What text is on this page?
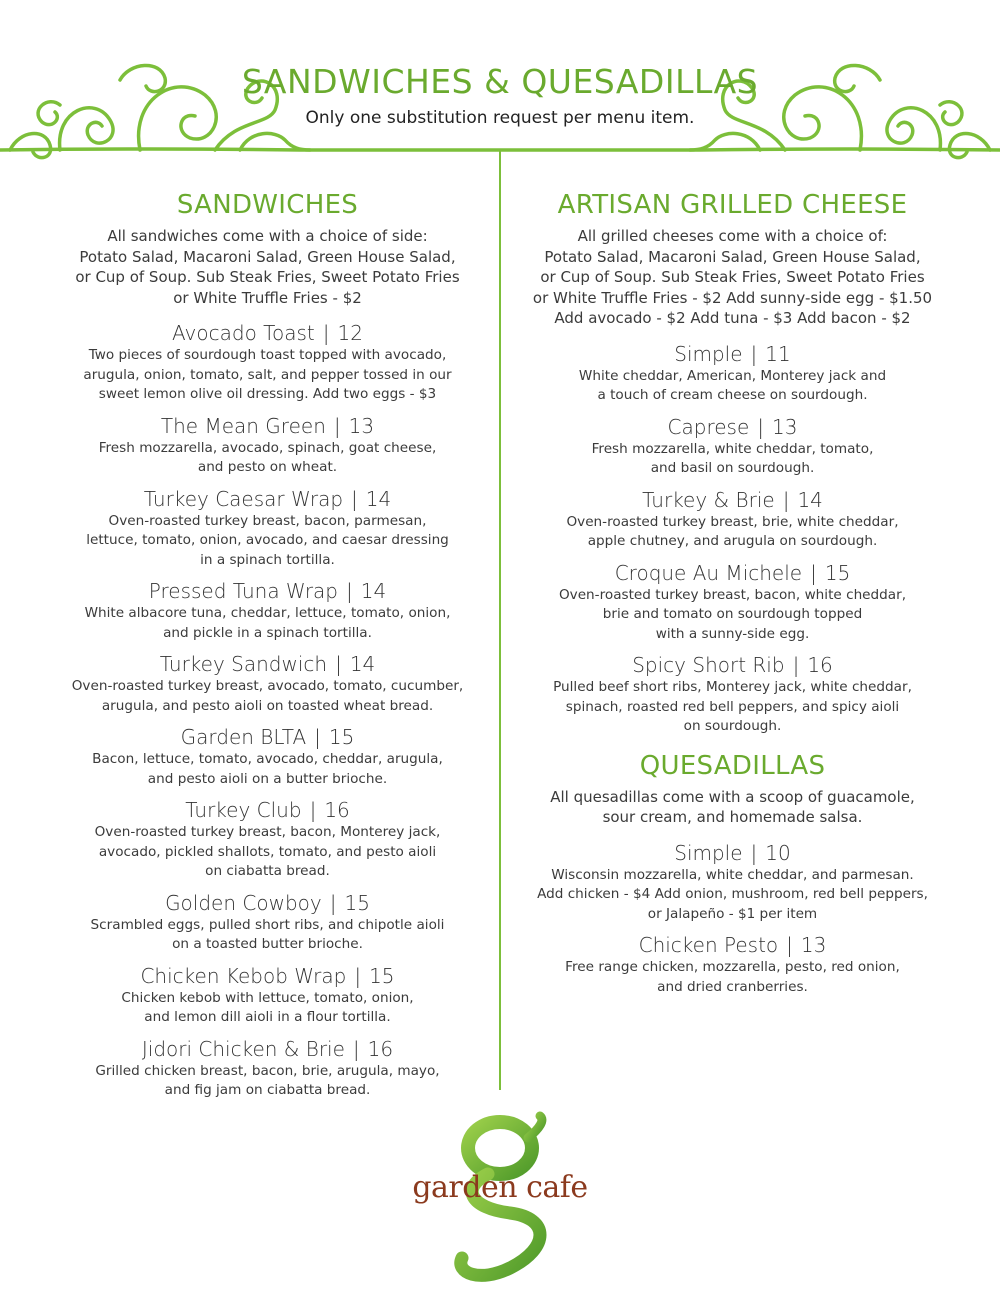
SANDWICHES & QUESADILLAS
Only one substitution request per menu item.
SANDWICHES
All sandwiches come with a choice of side:
Potato Salad, Macaroni Salad, Green House Salad,
or Cup of Soup. Sub Steak Fries, Sweet Potato Fries
or White Truffle Fries - $2
Avocado Toast | 12
Two pieces of sourdough toast topped with avocado,
arugula, onion, tomato, salt, and pepper tossed in our
sweet lemon olive oil dressing. Add two eggs - $3
The Mean Green | 13
Fresh mozzarella, avocado, spinach, goat cheese,
and pesto on wheat.
Turkey Caesar Wrap | 14
Oven-roasted turkey breast, bacon, parmesan,
lettuce, tomato, onion, avocado, and caesar dressing
in a spinach tortilla.
Pressed Tuna Wrap | 14
White albacore tuna, cheddar, lettuce, tomato, onion,
and pickle in a spinach tortilla.
Turkey Sandwich | 14
Oven-roasted turkey breast, avocado, tomato, cucumber,
arugula, and pesto aioli on toasted wheat bread.
Garden BLTA | 15
Bacon, lettuce, tomato, avocado, cheddar, arugula,
and pesto aioli on a butter brioche.
Turkey Club | 16
Oven-roasted turkey breast, bacon, Monterey jack,
avocado, pickled shallots, tomato, and pesto aioli
on ciabatta bread.
Golden Cowboy | 15
Scrambled eggs, pulled short ribs, and chipotle aioli
on a toasted butter brioche.
Chicken Kebob Wrap | 15
Chicken kebob with lettuce, tomato, onion,
and lemon dill aioli in a flour tortilla.
Jidori Chicken & Brie | 16
Grilled chicken breast, bacon, brie, arugula, mayo,
and fig jam on ciabatta bread.
ARTISAN GRILLED CHEESE
All grilled cheeses come with a choice of:
Potato Salad, Macaroni Salad, Green House Salad,
or Cup of Soup. Sub Steak Fries, Sweet Potato Fries
or White Truffle Fries - $2 Add sunny-side egg - $1.50
Add avocado - $2 Add tuna - $3 Add bacon - $2
Simple | 11
White cheddar, American, Monterey jack and
a touch of cream cheese on sourdough.
Caprese | 13
Fresh mozzarella, white cheddar, tomato,
and basil on sourdough.
Turkey & Brie | 14
Oven-roasted turkey breast, brie, white cheddar,
apple chutney, and arugula on sourdough.
Croque Au Michele | 15
Oven-roasted turkey breast, bacon, white cheddar,
brie and tomato on sourdough topped
with a sunny-side egg.
Spicy Short Rib | 16
Pulled beef short ribs, Monterey jack, white cheddar,
spinach, roasted red bell peppers, and spicy aioli
on sourdough.
QUESADILLAS
All quesadillas come with a scoop of guacamole,
sour cream, and homemade salsa.
Simple | 10
Wisconsin mozzarella, white cheddar, and parmesan.
Add chicken - $4 Add onion, mushroom, red bell peppers,
or Jalapeño - $1 per item
Chicken Pesto | 13
Free range chicken, mozzarella, pesto, red onion,
and dried cranberries.
garden cafe
